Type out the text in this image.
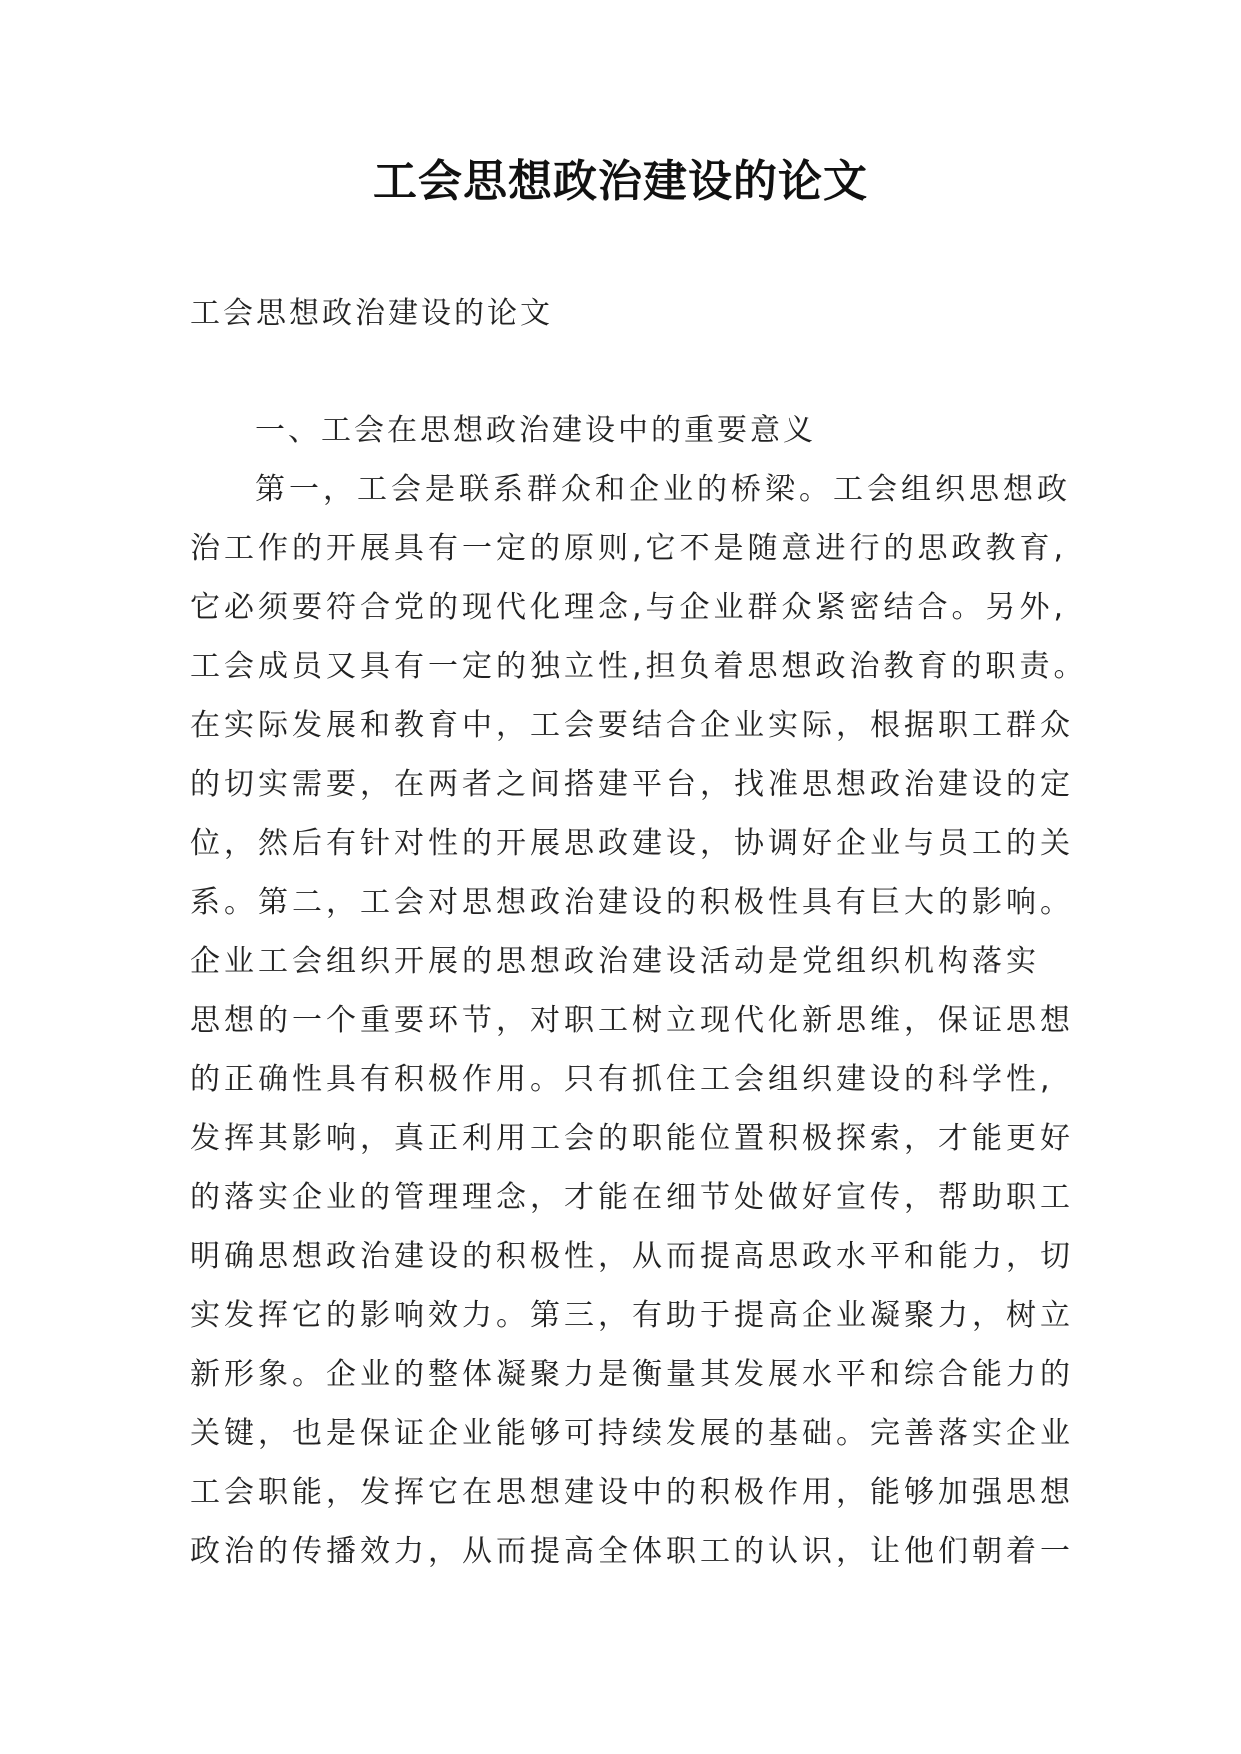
工会思想政治建设的论文

工会思想政治建设的论文

一、工会在思想政治建设中的重要意义

第一，工会是联系群众和企业的桥梁。工会组织思想政
治工作的开展具有一定的原则,它不是随意进行的思政教育,
它必须要符合党的现代化理念,与企业群众紧密结合。另外,
工会成员又具有一定的独立性,担负着思想政治教育的职责。
在实际发展和教育中，工会要结合企业实际，根据职工群众
的切实需要，在两者之间搭建平台，找准思想政治建设的定
位，然后有针对性的开展思政建设，协调好企业与员工的关
系。第二，工会对思想政治建设的积极性具有巨大的影响。
企业工会组织开展的思想政治建设活动是党组织机构落实
思想的一个重要环节，对职工树立现代化新思维，保证思想
的正确性具有积极作用。只有抓住工会组织建设的科学性,
发挥其影响，真正利用工会的职能位置积极探索，才能更好
的落实企业的管理理念，才能在细节处做好宣传，帮助职工
明确思想政治建设的积极性，从而提高思政水平和能力，切
实发挥它的影响效力。第三，有助于提高企业凝聚力，树立
新形象。企业的整体凝聚力是衡量其发展水平和综合能力的
关键，也是保证企业能够可持续发展的基础。完善落实企业
工会职能，发挥它在思想建设中的积极作用，能够加强思想
政治的传播效力，从而提高全体职工的认识，让他们朝着一
